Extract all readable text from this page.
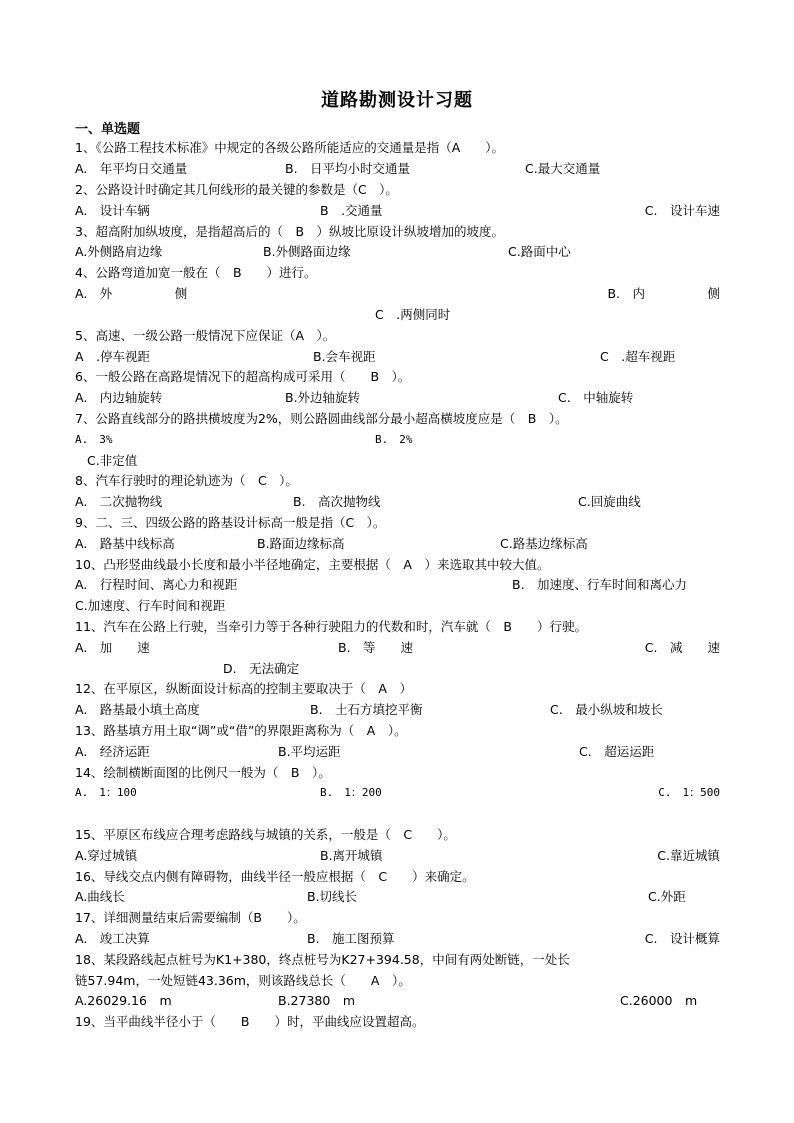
道路勘测设计习题
一、单选题
1、《公路工程技术标准》中规定的各级公路所能适应的交通量是指（A　　）。
A.　年平均日交通量	B.　日平均小时交通量	C.最大交通量
2、公路设计时确定其几何线形的最关键的参数是（C　）。
A.　设计车辆	B　.交通量	C.　设计车速
3、超高附加纵坡度，是指超高后的（　B　）纵坡比原设计纵坡增加的坡度。
A.外侧路肩边缘	B.外侧路面边缘	C.路面中心
4、公路弯道加宽一般在（　B　　）进行。
A.　外　　　　　侧	B.　内　　　　　侧
C　.两侧同时
5、高速、一级公路一般情况下应保证（A　）。
A　.停车视距	B.会车视距	C　.超车视距
6、一般公路在高路堤情况下的超高构成可采用（　　B　）。
A.　内边轴旋转	B.外边轴旋转	C.　中轴旋转
7、公路直线部分的路拱横坡度为2%，则公路圆曲线部分最小超高横坡度应是（　B　）。
A.　3%	B.　2%
C.非定值
8、汽车行驶时的理论轨迹为（　C　）。
A.　二次抛物线	B.　高次抛物线	C.回旋曲线
9、二、三、四级公路的路基设计标高一般是指（C　）。
A.　路基中线标高	B.路面边缘标高	C.路基边缘标高
10、凸形竖曲线最小长度和最小半径地确定，主要根据（　A　）来选取其中较大值。
A.　行程时间、离心力和视距	B.　加速度、行车时间和离心力
C.加速度、行车时间和视距
11、汽车在公路上行驶，当牵引力等于各种行驶阻力的代数和时，汽车就（　B　　）行驶。
A.　加　　速	B.　等　　速	C.　减　　速
D.　无法确定
12、在平原区，纵断面设计标高的控制主要取决于（　A　）
A.　路基最小填土高度	B.　土石方填挖平衡	C.　最小纵坡和坡长
13、路基填方用土取“调”或“借”的界限距离称为（　A　）。
A.　经济运距	B.平均运距	C.　超运运距
14、绘制横断面图的比例尺一般为（　B　）。
A.　1：100	B.　1：200	C.　1：500
15、平原区布线应合理考虑路线与城镇的关系，一般是（　C　　）。
A.穿过城镇	B.离开城镇	C.靠近城镇
16、导线交点内侧有障碍物，曲线半径一般应根据（　C　　）来确定。
A.曲线长	B.切线长	C.外距
17、详细测量结束后需要编制（B　　）。
A.　竣工决算	B.　施工图预算	C.　设计概算
18、某段路线起点桩号为K1+380，终点桩号为K27+394.58，中间有两处断链，一处长
链57.94m，一处短链43.36m，则该路线总长（　　A　）。
A.26029.16　m	B.27380　m	C.26000　m
19、当平曲线半径小于（　　B　　）时，平曲线应设置超高。
